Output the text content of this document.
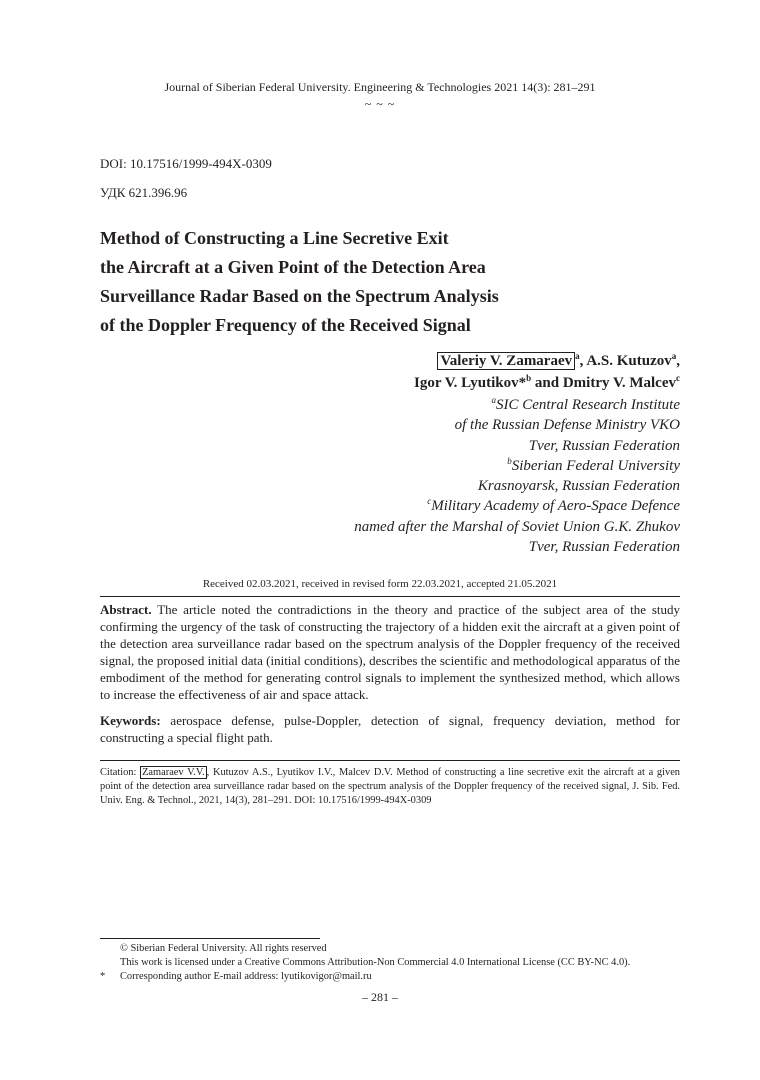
Journal of Siberian Federal University. Engineering & Technologies 2021 14(3): 281–291
~ ~ ~
DOI: 10.17516/1999-494X-0309
УДК 621.396.96
Method of Constructing a Line Secretive Exit
the Aircraft at a Given Point of the Detection Area
Surveillance Radar Based on the Spectrum Analysis
of the Doppler Frequency of the Received Signal
Valeriy V. Zamaraev $^a$, A.S. Kutuzov$^a$,
Igor V. Lyutikov*$^b$ and Dmitry V. Malcev$^c$
$^a$SIC Central Research Institute
of the Russian Defense Ministry VKO
Tver, Russian Federation
$^b$Siberian Federal University
Krasnoyarsk, Russian Federation
$^c$Military Academy of Aero-Space Defence
named after the Marshal of Soviet Union G.K. Zhukov
Tver, Russian Federation
Received 02.03.2021, received in revised form 22.03.2021, accepted 21.05.2021
Abstract. The article noted the contradictions in the theory and practice of the subject area of the study confirming the urgency of the task of constructing the trajectory of a hidden exit the aircraft at a given point of the detection area surveillance radar based on the spectrum analysis of the Doppler frequency of the received signal, the proposed initial data (initial conditions), describes the scientific and methodological apparatus of the embodiment of the method for generating control signals to implement the synthesized method, which allows to increase the effectiveness of air and space attack.
Keywords: aerospace defense, pulse-Doppler, detection of signal, frequency deviation, method for constructing a special flight path.
Citation: Zamaraev V.V. , Kutuzov A.S., Lyutikov I.V., Malcev D.V. Method of constructing a line secretive exit the aircraft at a given point of the detection area surveillance radar based on the spectrum analysis of the Doppler frequency of the received signal, J. Sib. Fed. Univ. Eng. & Technol., 2021, 14(3), 281–291. DOI: 10.17516/1999-494X-0309
© Siberian Federal University. All rights reserved
This work is licensed under a Creative Commons Attribution-Non Commercial 4.0 International License (CC BY-NC 4.0).
* Corresponding author E-mail address: lyutikovigor@mail.ru
– 281 –
